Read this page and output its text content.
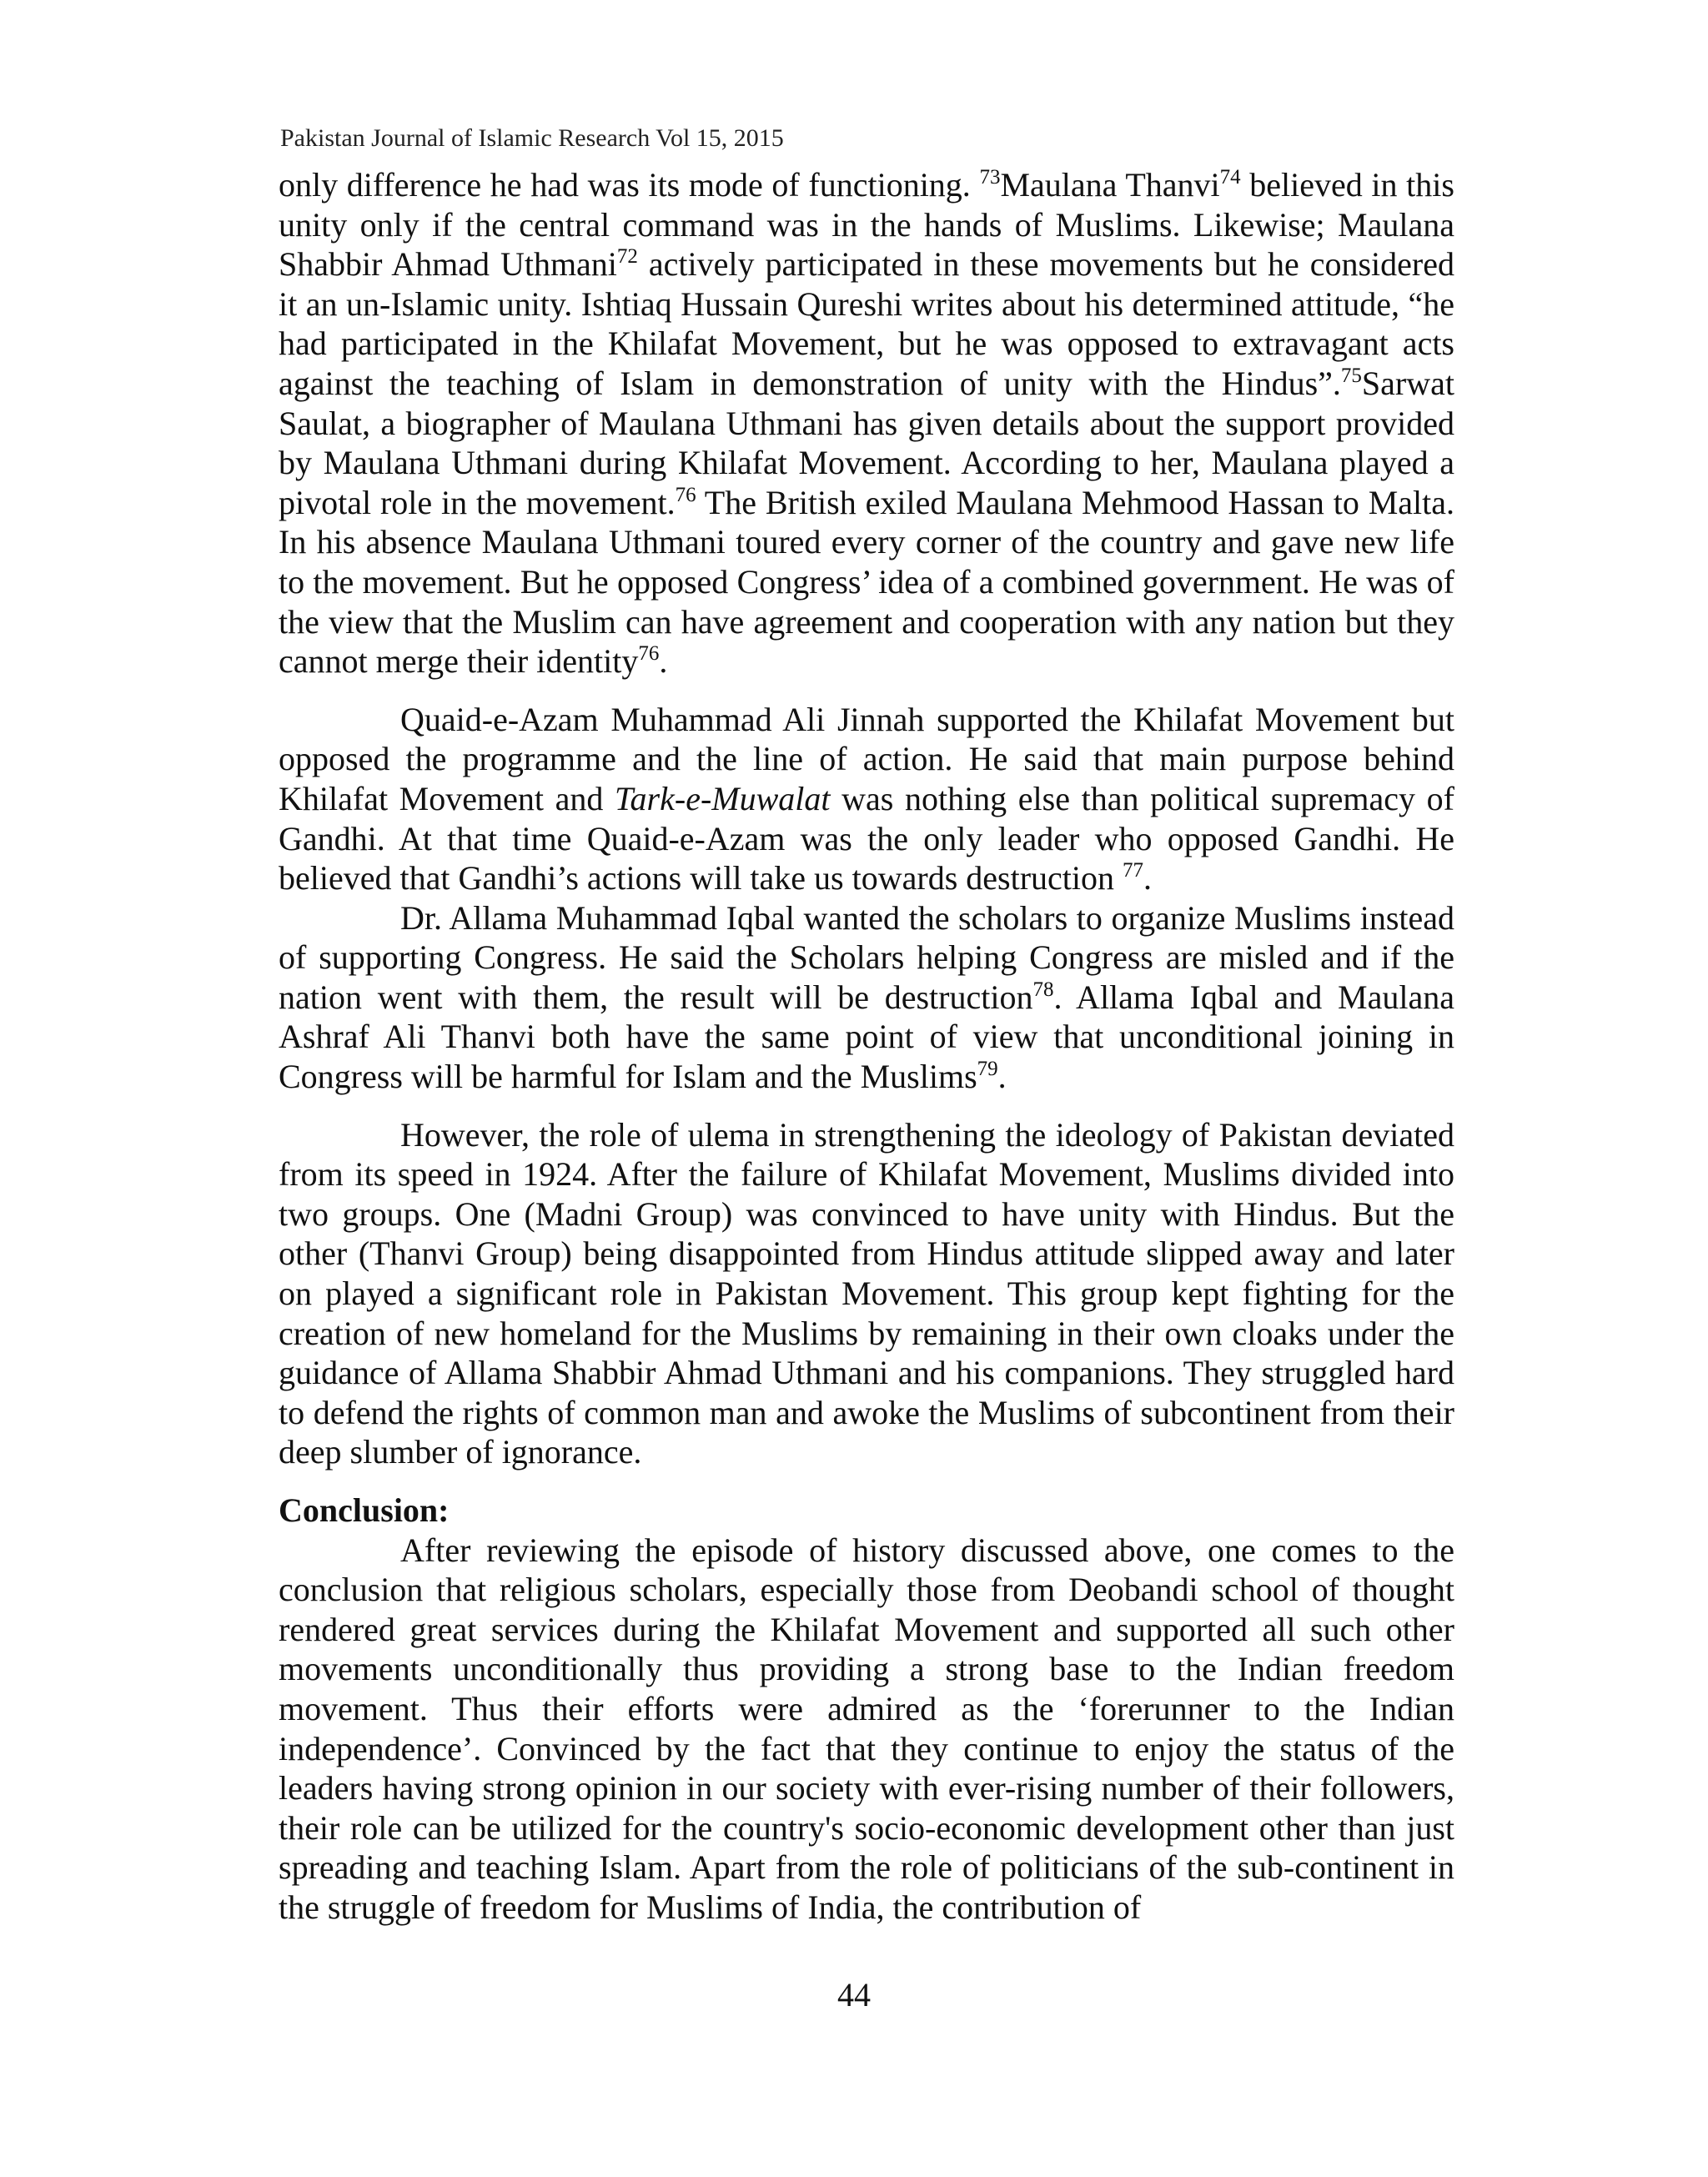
Pakistan Journal of Islamic Research Vol 15, 2015

only difference he had was its mode of functioning. $^{73}$Maulana Thanvi$^{74}$ believed in this unity only if the central command was in the hands of Muslims. Likewise; Maulana Shabbir Ahmad Uthmani$^{72}$ actively participated in these movements but he considered it an un-Islamic unity. Ishtiaq Hussain Qureshi writes about his determined attitude, “he had participated in the Khilafat Movement, but he was opposed to extravagant acts against the teaching of Islam in demonstration of unity with the Hindus”.$^{75}$Sarwat Saulat, a biographer of Maulana Uthmani has given details about the support provided by Maulana Uthmani during Khilafat Movement. According to her, Maulana played a pivotal role in the movement.$^{76}$ The British exiled Maulana Mehmood Hassan to Malta. In his absence Maulana Uthmani toured every corner of the country and gave new life to the movement. But he opposed Congress’ idea of a combined government. He was of the view that the Muslim can have agreement and cooperation with any nation but they cannot merge their identity$^{76}$.

Quaid-e-Azam Muhammad Ali Jinnah supported the Khilafat Movement but opposed the programme and the line of action. He said that main purpose behind Khilafat Movement and Tark-e-Muwalat was nothing else than political supremacy of Gandhi. At that time Quaid-e-Azam was the only leader who opposed Gandhi. He believed that Gandhi’s actions will take us towards destruction $^{77}$.

Dr. Allama Muhammad Iqbal wanted the scholars to organize Muslims instead of supporting Congress. He said the Scholars helping Congress are misled and if the nation went with them, the result will be destruction$^{78}$. Allama Iqbal and Maulana Ashraf Ali Thanvi both have the same point of view that unconditional joining in Congress will be harmful for Islam and the Muslims$^{79}$.

However, the role of ulema in strengthening the ideology of Pakistan deviated from its speed in 1924. After the failure of Khilafat Movement, Muslims divided into two groups. One (Madni Group) was convinced to have unity with Hindus. But the other (Thanvi Group) being disappointed from Hindus attitude slipped away and later on played a significant role in Pakistan Movement. This group kept fighting for the creation of new homeland for the Muslims by remaining in their own cloaks under the guidance of Allama Shabbir Ahmad Uthmani and his companions. They struggled hard to defend the rights of common man and awoke the Muslims of subcontinent from their deep slumber of ignorance.

Conclusion:

After reviewing the episode of history discussed above, one comes to the conclusion that religious scholars, especially those from Deobandi school of thought rendered great services during the Khilafat Movement and supported all such other movements unconditionally thus providing a strong base to the Indian freedom movement. Thus their efforts were admired as the ‘forerunner to the Indian independence’. Convinced by the fact that they continue to enjoy the status of the leaders having strong opinion in our society with ever-rising number of their followers, their role can be utilized for the country's socio-economic development other than just spreading and teaching Islam. Apart from the role of politicians of the sub-continent in the struggle of freedom for Muslims of India, the contribution of

44
